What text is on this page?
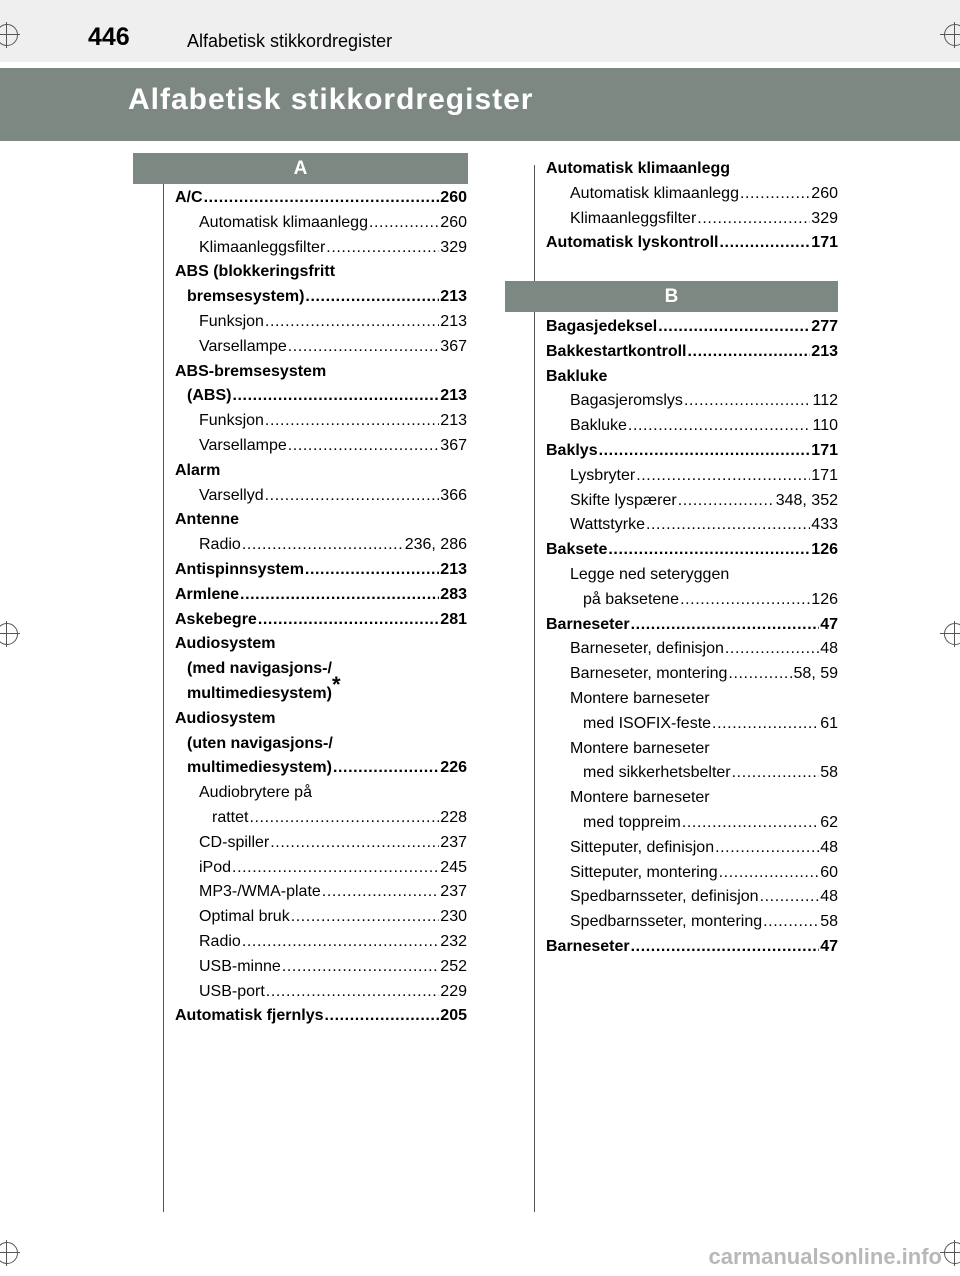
446	Alfabetisk stikkordregister
Alfabetisk stikkordregister
A
A/C .....	260
Automatisk klimaanlegg .....	260
Klimaanleggsfilter .....	329
ABS (blokkeringsfritt
bremsesystem) .....	213
Funksjon .....	213
Varsellampe .....	367
ABS-bremsesystem
(ABS) .....	213
Funksjon .....	213
Varsellampe .....	367
Alarm
Varsellyd .....	366
Antenne
Radio .....	236, 286
Antispinnsystem .....	213
Armlene .....	283
Askebegre .....	281
Audiosystem
(med navigasjons-/
multimediesystem)*
Audiosystem
(uten navigasjons-/
multimediesystem) .....	226
Audiobrytere på
rattet .....	228
CD-spiller .....	237
iPod .....	245
MP3-/WMA-plate .....	237
Optimal bruk .....	230
Radio .....	232
USB-minne .....	252
USB-port .....	229
Automatisk fjernlys .....	205
Automatisk klimaanlegg
Automatisk klimaanlegg .....	260
Klimaanleggsfilter .....	329
Automatisk lyskontroll .....	171
B
Bagasjedeksel .....	277
Bakkestartkontroll .....	213
Bakluke
Bagasjeromslys .....	112
Bakluke .....	110
Baklys .....	171
Lysbryter .....	171
Skifte lyspærer .....	348, 352
Wattstyrke .....	433
Baksete .....	126
Legge ned seteryggen
på baksetene .....	126
Barneseter .....	47
Barneseter, definisjon .....	48
Barneseter, montering .....	58, 59
Montere barneseter
med ISOFIX-feste .....	61
Montere barneseter
med sikkerhetsbelter .....	58
Montere barneseter
med toppreim .....	62
Sitteputer, definisjon .....	48
Sitteputer, montering .....	60
Spedbarnsseter, definisjon .....	48
Spedbarnsseter, montering .....	58
Barneseter .....	47
carmanualsonline.info
